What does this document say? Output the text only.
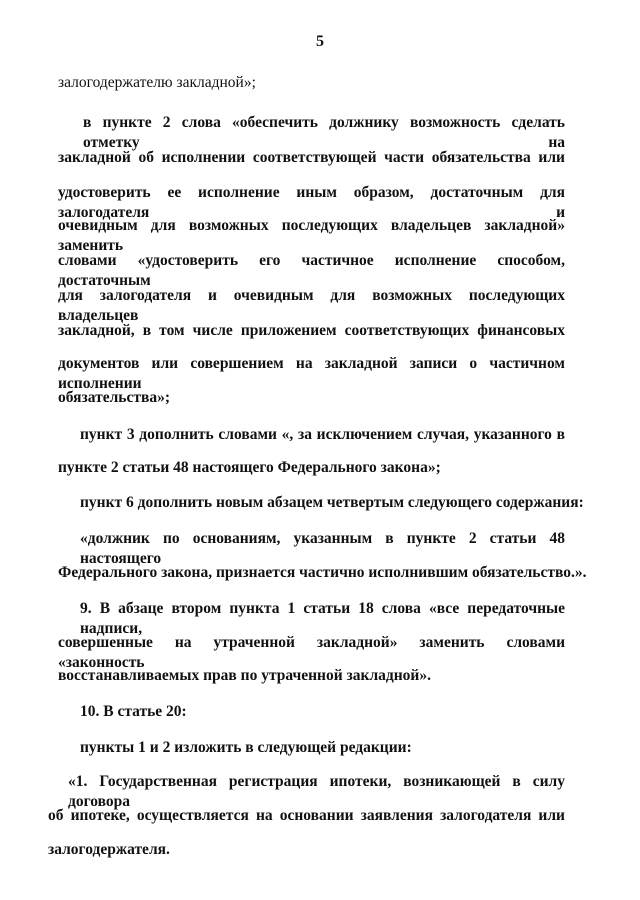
5
залогодержателю закладной»;
в пункте 2 слова «обеспечить должнику возможность сделать отметку на
закладной об исполнении соответствующей части обязательства или
удостоверить ее исполнение иным образом, достаточным для залогодателя и
очевидным для возможных последующих владельцев закладной» заменить
словами «удостоверить его частичное исполнение способом, достаточным
для залогодателя и очевидным для возможных последующих владельцев
закладной, в том числе приложением соответствующих финансовых
документов или совершением на закладной записи о частичном исполнении
обязательства»;
пункт 3 дополнить словами «, за исключением случая, указанного в
пункте 2 статьи 48 настоящего Федерального закона»;
пункт 6 дополнить новым абзацем четвертым следующего содержания:
«должник по основаниям, указанным в пункте 2 статьи 48 настоящего
Федерального закона, признается частично исполнившим обязательство.».
9. В абзаце втором пункта 1 статьи 18 слова «все передаточные надписи,
совершенные на утраченной закладной» заменить словами «законность
восстанавливаемых прав по утраченной закладной».
10. В статье 20:
пункты 1 и 2 изложить в следующей редакции:
«1. Государственная регистрация ипотеки, возникающей в силу договора
об ипотеке, осуществляется на основании заявления залогодателя или
залогодержателя.
